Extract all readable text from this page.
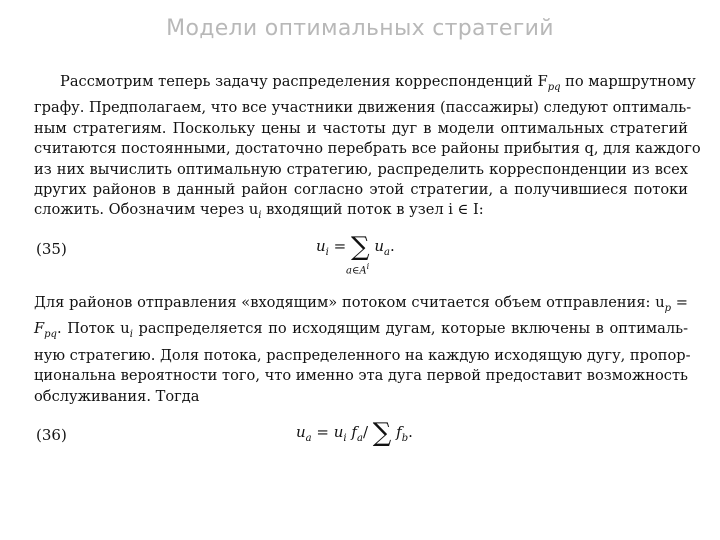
Модели оптимальных стратегий
Рассмотрим теперь задачу распределения корреспонденций $F_{pq}$ по маршрутному
графу. Предполагаем, что все участники движения (пассажиры) следуют оптималь-
ным стратегиям. Поскольку цены и частоты дуг в модели оптимальных стратегий
считаются постоянными, достаточно перебрать все районы прибытия q, для каждого
из них вычислить оптимальную стратегию, распределить корреспонденции из всех
других районов в данный район согласно этой стратегии, а получившиеся потоки
сложить. Обозначим через $u_i$ входящий поток в узел i ∈ I:
(35)	$u_i$ = ∑ $u_a$.
$a\in A^i$
Для районов отправления «входящим» потоком считается объем отправления: $u_p$ =
$F_{pq}$. Поток $u_i$ распределяется по исходящим дугам, которые включены в оптималь-
ную стратегию. Доля потока, распределенного на каждую исходящую дугу, пропор-
циональна вероятности того, что именно эта дуга первой предоставит возможность
обслуживания. Тогда
(36)	$u_a = u_i$ $f_a/$ ∑ $f_b$.
